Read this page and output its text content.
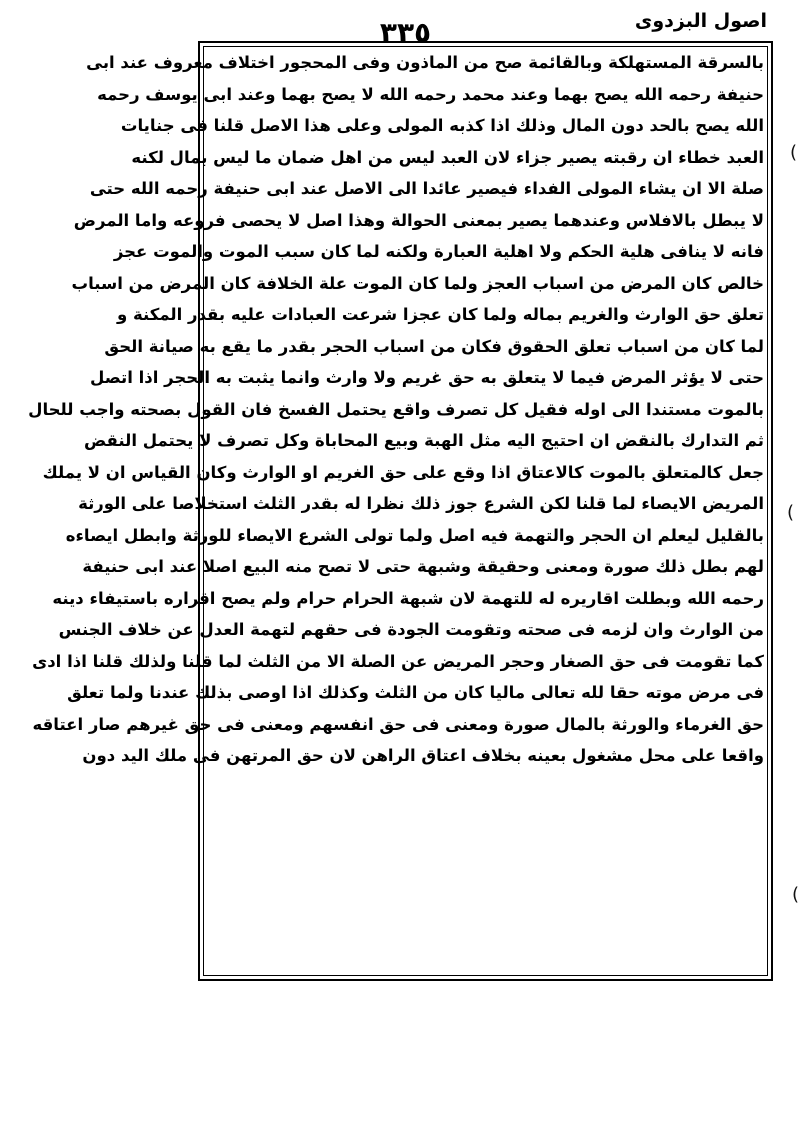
اصول البزدوى
٣٣٥
بالسرقة المستهلكة وبالقائمة صح من الماذون وفى المحجور اختلاف معروف عند ابى
حنيفة رحمه الله يصح بهما وعند محمد رحمه الله لا يصح بهما وعند ابى يوسف رحمه
الله يصح بالحد دون المال وذلك اذا كذبه المولى وعلى هذا الاصل قلنا فى جنايات
العبد خطاء ان رقبته يصير جزاء لان العبد ليس من اهل ضمان ما ليس بمال لكنه
صلة الا ان يشاء المولى الفداء فيصير عائدا الى الاصل عند ابى حنيفة رحمه الله حتى
لا يبطل بالافلاس وعندهما يصير بمعنى الحوالة وهذا اصل لا يحصى فروعه واما المرض
فانه لا ينافى هلية الحكم ولا اهلية العبارة ولكنه لما كان سبب الموت والموت عجز
خالص كان المرض من اسباب العجز ولما كان الموت علة الخلافة كان المرض من اسباب
تعلق حق الوارث والغريم بماله ولما كان عجزا شرعت العبادات عليه بقدر المكنة و
لما كان من اسباب تعلق الحقوق فكان من اسباب الحجر بقدر ما يقع به صيانة الحق
حتى لا يؤثر المرض فيما لا يتعلق به حق غريم ولا وارث وانما يثبت به الحجر اذا اتصل
بالموت مستندا الى اوله فقيل كل تصرف واقع يحتمل الفسخ فان القول بصحته واجب للحال
ثم التدارك بالنقض ان احتيج اليه مثل الهبة وبيع المحاباة وكل تصرف لا يحتمل النقض
جعل كالمتعلق بالموت كالاعتاق اذا وقع على حق الغريم او الوارث وكان القياس ان لا يملك
المريض الايصاء لما قلنا لكن الشرع جوز ذلك نظرا له بقدر الثلث استخلاصا على الورثة
بالقليل ليعلم ان الحجر والتهمة فيه اصل ولما تولى الشرع الايصاء للورثة وابطل ايصاءه
لهم بطل ذلك صورة ومعنى وحقيقة وشبهة حتى لا تصح منه البيع اصلا عند ابى حنيفة
رحمه الله وبطلت اقاريره له للتهمة لان شبهة الحرام حرام ولم يصح اقراره باستيفاء دينه
من الوارث وان لزمه فى صحته وتقومت الجودة فى حقهم لتهمة العدل عن خلاف الجنس
كما تقومت فى حق الصغار وحجر المريض عن الصلة الا من الثلث لما قلنا ولذلك قلنا اذا ادى
فى مرض موته حقا لله تعالى ماليا كان من الثلث وكذلك اذا اوصى بذلك عندنا ولما تعلق
حق الغرماء والورثة بالمال صورة ومعنى فى حق انفسهم ومعنى فى حق غيرهم صار اعتاقه
واقعا على محل مشغول بعينه بخلاف اعتاق الراهن لان حق المرتهن فى ملك اليد دون
(
(
(
